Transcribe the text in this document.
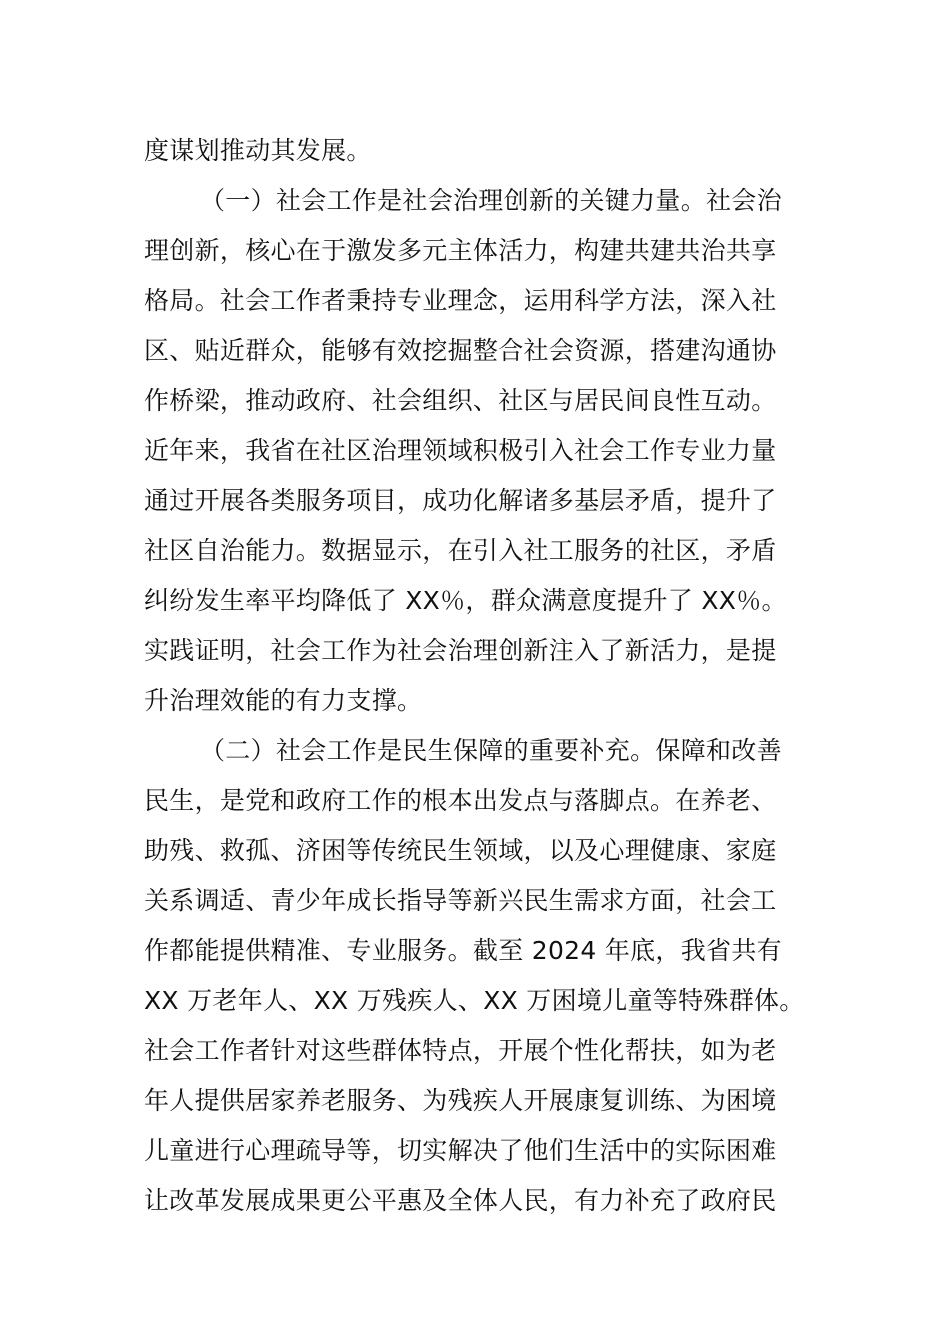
度谋划推动其发展。
（一）社会工作是社会治理创新的关键力量。社会治
理创新，核心在于激发多元主体活力，构建共建共治共享
格局。社会工作者秉持专业理念，运用科学方法，深入社
区、贴近群众，能够有效挖掘整合社会资源，搭建沟通协
作桥梁，推动政府、社会组织、社区与居民间良性互动。
近年来，我省在社区治理领域积极引入社会工作专业力量
通过开展各类服务项目，成功化解诸多基层矛盾，提升了
社区自治能力。数据显示，在引入社工服务的社区，矛盾
纠纷发生率平均降低了 XX％，群众满意度提升了 XX％。
实践证明，社会工作为社会治理创新注入了新活力，是提
升治理效能的有力支撑。
（二）社会工作是民生保障的重要补充。保障和改善
民生，是党和政府工作的根本出发点与落脚点。在养老、
助残、救孤、济困等传统民生领域，以及心理健康、家庭
关系调适、青少年成长指导等新兴民生需求方面，社会工
作都能提供精准、专业服务。截至 2024 年底，我省共有
XX 万老年人、XX 万残疾人、XX 万困境儿童等特殊群体。
社会工作者针对这些群体特点，开展个性化帮扶，如为老
年人提供居家养老服务、为残疾人开展康复训练、为困境
儿童进行心理疏导等，切实解决了他们生活中的实际困难
让改革发展成果更公平惠及全体人民，有力补充了政府民
